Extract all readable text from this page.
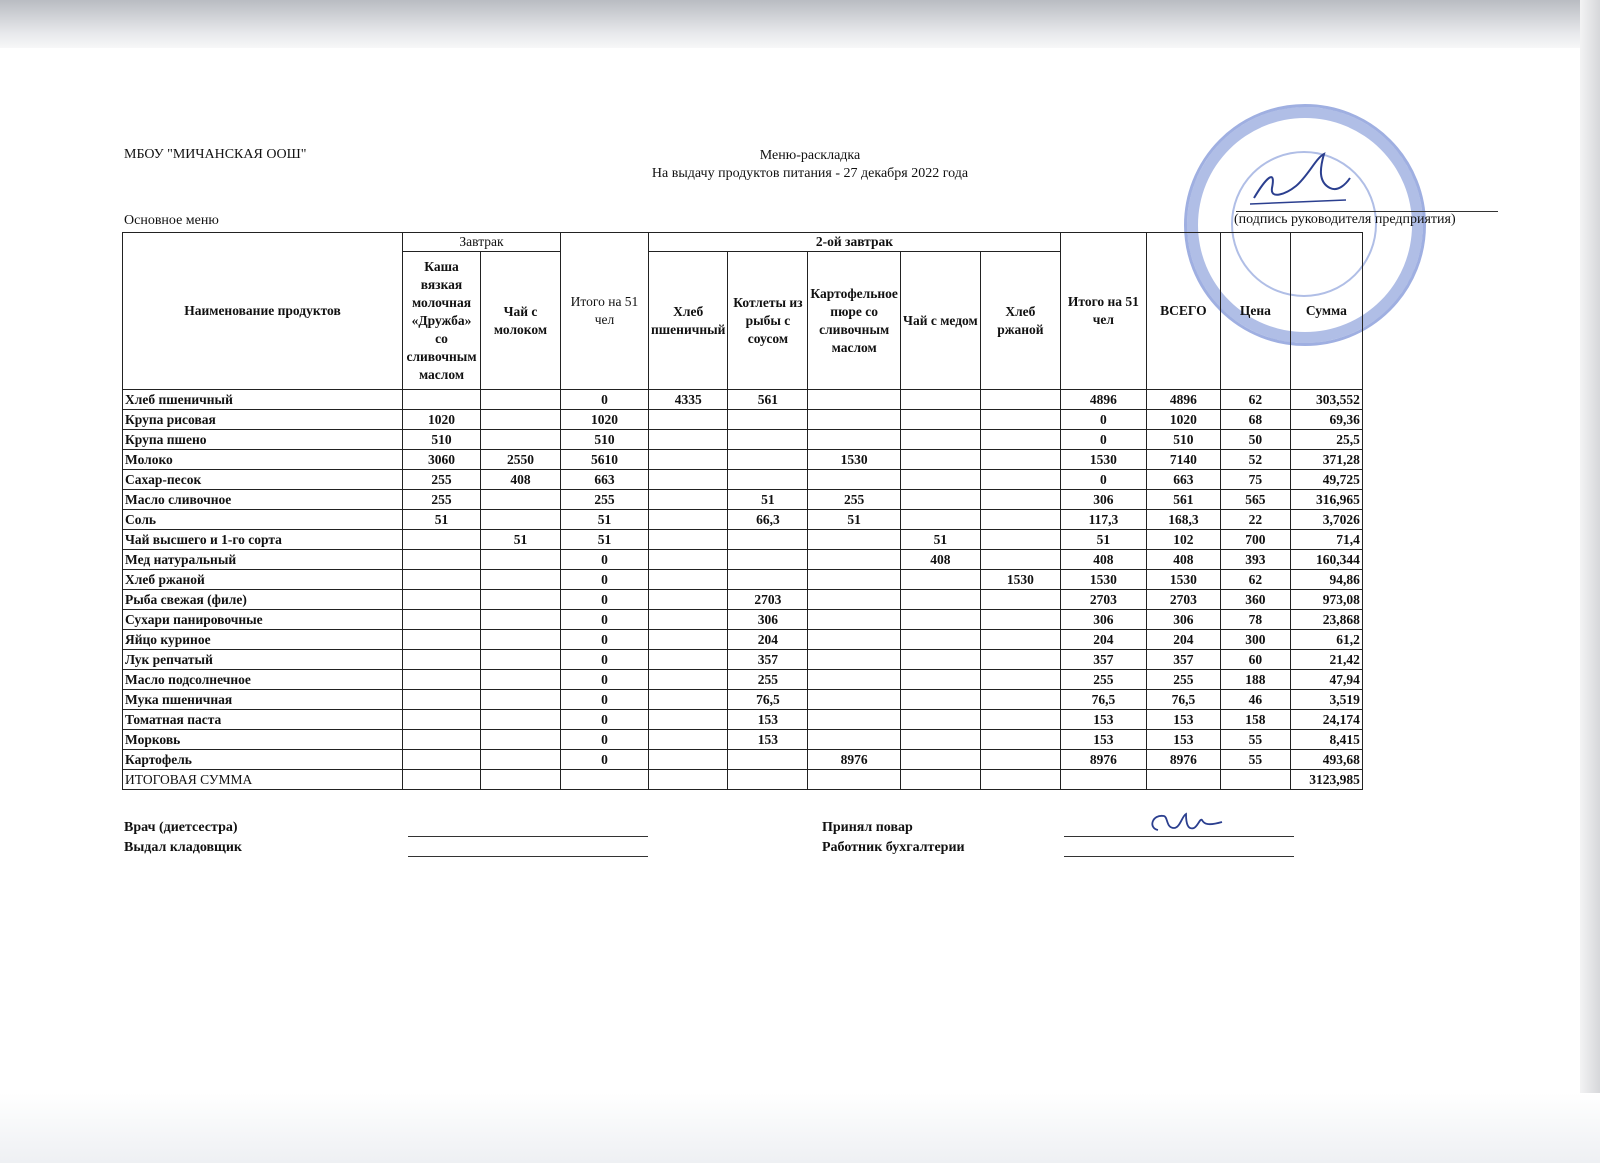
МБОУ "МИЧАНСКАЯ ООШ"	Меню-раскладка
На выдачу продуктов питания - 27 декабря 2022 года
Основное меню	(подпись руководителя предприятия)
Наименование продуктов	Завтрак		Итого на 51 чел	2-ой завтрак					Итого на 51 чел	ВСЕГО	Цена	Сумма
	Каша вязкая молочная «Дружба» со сливочным маслом	Чай с молоком		Хлеб пшеничный	Котлеты из рыбы с соусом	Картофельное пюре со сливочным маслом	Чай с медом	Хлеб ржаной				
Хлеб пшеничный			0	4335	561				4896	4896	62	303,552
Крупа рисовая	1020		1020						0	1020	68	69,36
Крупа пшено	510		510						0	510	50	25,5
Молоко	3060	2550	5610			1530			1530	7140	52	371,28
Сахар-песок	255	408	663						0	663	75	49,725
Масло сливочное	255		255		51	255			306	561	565	316,965
Соль	51		51		66,3	51			117,3	168,3	22	3,7026
Чай высшего и 1-го сорта		51	51				51		51	102	700	71,4
Мед натуральный			0				408		408	408	393	160,344
Хлеб ржаной			0					1530	1530	1530	62	94,86
Рыба свежая (филе)			0		2703				2703	2703	360	973,08
Сухари панировочные			0		306				306	306	78	23,868
Яйцо куриное			0		204				204	204	300	61,2
Лук репчатый			0		357				357	357	60	21,42
Масло подсолнечное			0		255				255	255	188	47,94
Мука пшеничная			0		76,5				76,5	76,5	46	3,519
Томатная паста			0		153				153	153	158	24,174
Морковь			0		153				153	153	55	8,415
Картофель			0			8976			8976	8976	55	493,68
ИТОГОВАЯ СУММА												3123,985
Врач (диетсестра)
Выдал кладовщик
Принял повар
Работник бухгалтерии
